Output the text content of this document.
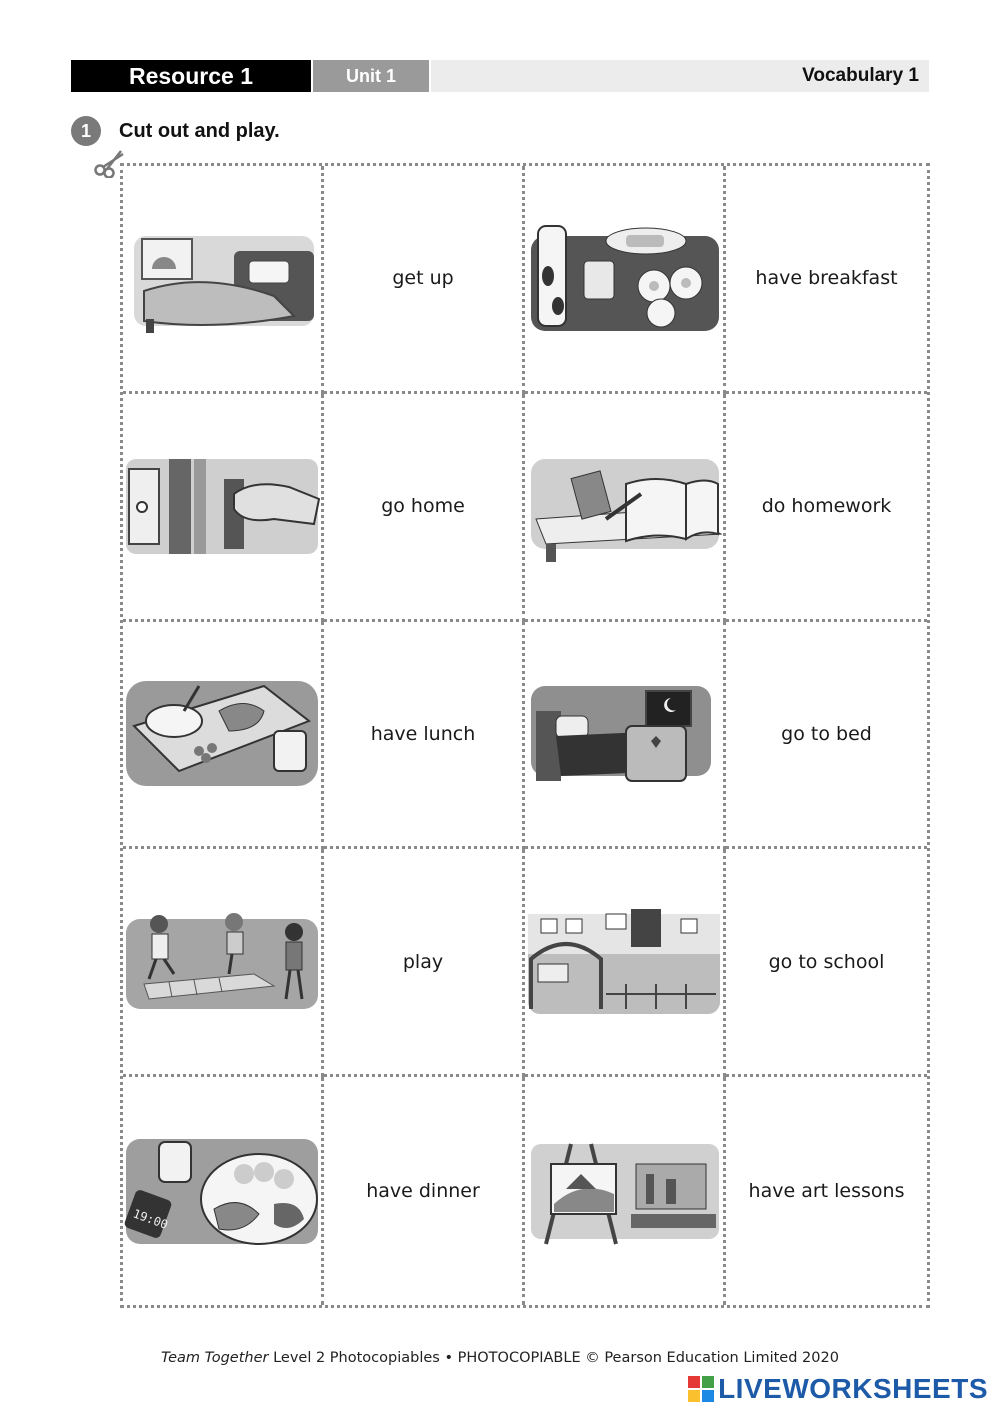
Resource 1	Unit 1	Vocabulary 1
1	Cut out and play.
get up	have breakfast
go home	do homework
have lunch	go to bed
play	go to school
19:00
have dinner	have art lessons
Team Together Level 2 Photocopiables • PHOTOCOPIABLE © Pearson Education Limited 2020
LIVEWORKSHEETS
